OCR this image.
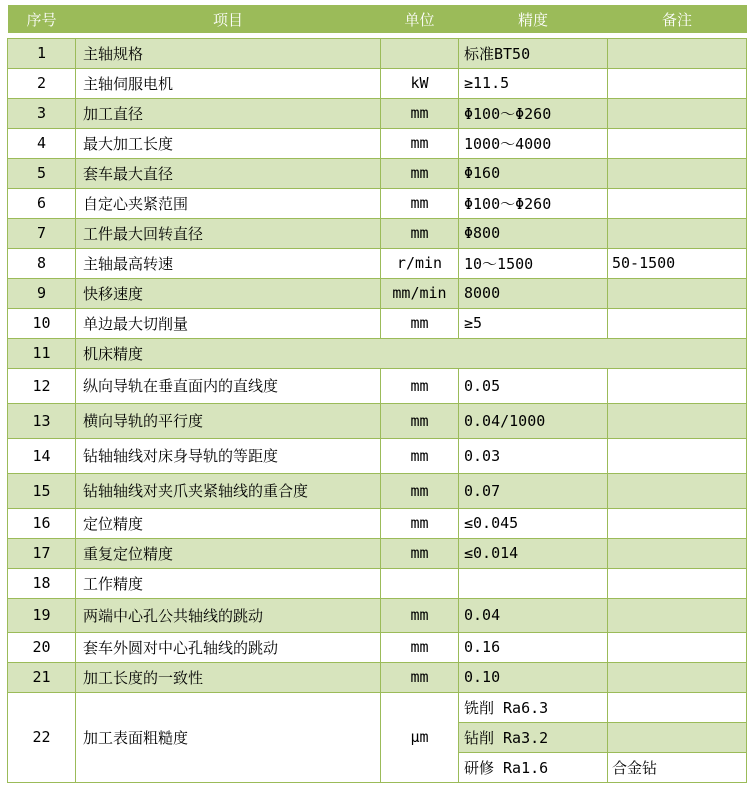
序号	项目	单位	精度	备注

1	主轴规格		标准BT50	
2	主轴伺服电机	kW	≥11.5	
3	加工直径	mm	Φ100～Φ260	
4	最大加工长度	mm	1000～4000	
5	套车最大直径	mm	Φ160	
6	自定心夹紧范围	mm	Φ100～Φ260	
7	工件最大回转直径	mm	Φ800	
8	主轴最高转速	r/min	10～1500	50-1500
9	快移速度	mm/min	8000	
10	单边最大切削量	mm	≥5	
11	机床精度			
12	纵向导轨在垂直面内的直线度	mm	0.05	
13	横向导轨的平行度	mm	0.04/1000	
14	钻轴轴线对床身导轨的等距度	mm	0.03	
15	钻轴轴线对夹爪夹紧轴线的重合度	mm	0.07	
16	定位精度	mm	≤0.045	
17	重复定位精度	mm	≤0.014	
18	工作精度			
19	两端中心孔公共轴线的跳动	mm	0.04	
20	套车外圆对中心孔轴线的跳动	mm	0.16	
21	加工长度的一致性	mm	0.10	
22	加工表面粗糙度	μm	铣削 Ra6.3	
			钻削 Ra3.2	
			研修 Ra1.6	合金钻
